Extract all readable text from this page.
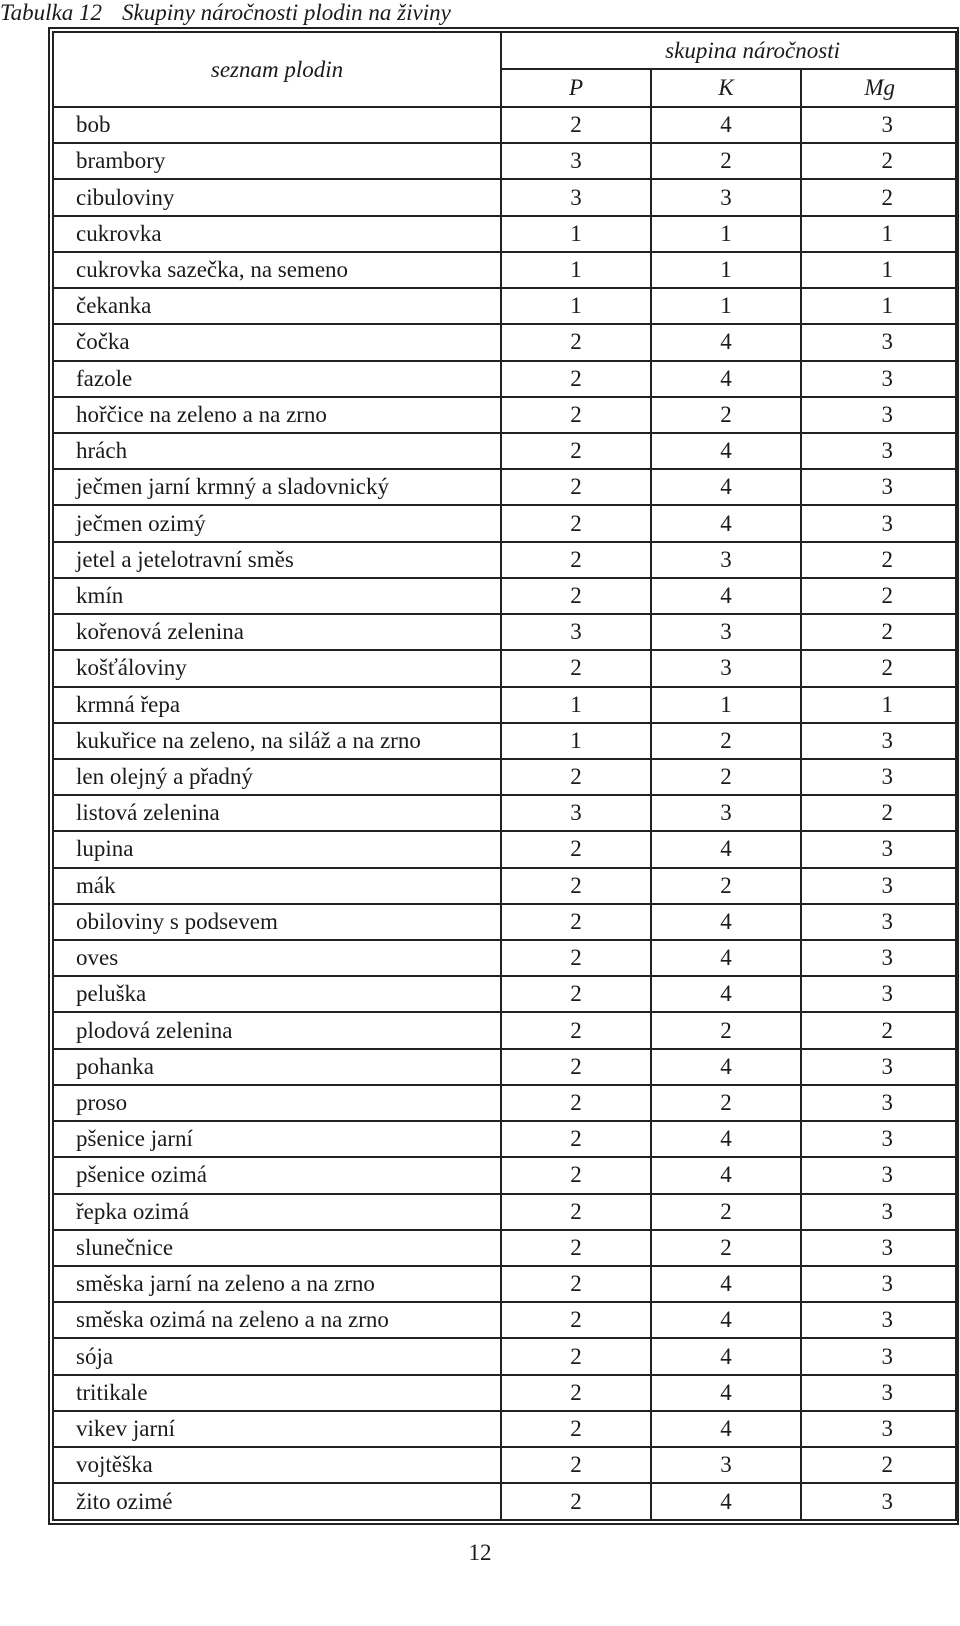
Tabulka 12 Skupiny náročnosti plodin na živiny
seznam plodin	skupina náročnosti		
	P	K	Mg
bob	2	4	3
brambory	3	2	2
cibuloviny	3	3	2
cukrovka	1	1	1
cukrovka sazečka, na semeno	1	1	1
čekanka	1	1	1
čočka	2	4	3
fazole	2	4	3
hořčice na zeleno a na zrno	2	2	3
hrách	2	4	3
ječmen jarní krmný a sladovnický	2	4	3
ječmen ozimý	2	4	3
jetel a jetelotravní směs	2	3	2
kmín	2	4	2
kořenová zelenina	3	3	2
košťáloviny	2	3	2
krmná řepa	1	1	1
kukuřice na zeleno, na siláž a na zrno	1	2	3
len olejný a přadný	2	2	3
listová zelenina	3	3	2
lupina	2	4	3
mák	2	2	3
obiloviny s podsevem	2	4	3
oves	2	4	3
peluška	2	4	3
plodová zelenina	2	2	2
pohanka	2	4	3
proso	2	2	3
pšenice jarní	2	4	3
pšenice ozimá	2	4	3
řepka ozimá	2	2	3
slunečnice	2	2	3
směska jarní na zeleno a na zrno	2	4	3
směska ozimá na zeleno a na zrno	2	4	3
sója	2	4	3
tritikale	2	4	3
vikev jarní	2	4	3
vojtěška	2	3	2
žito ozimé	2	4	3
12
